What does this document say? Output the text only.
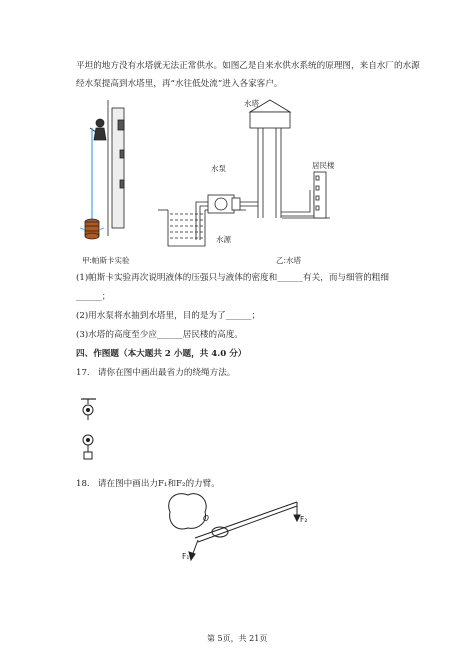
平坦的地方没有水塔就无法正常供水。如图乙是自来水供水系统的原理图，来自水厂的水源
经水泵提高到水塔里，再“水往低处流”进入各家客户。
水塔
水泵	居民楼
水源
甲:帕斯卡实验	乙:水塔
(1)帕斯卡实验再次说明液体的压强只与液体的密度和______有关，而与细管的粗细
______；
(2)用水泵将水抽到水塔里，目的是为了______；
(3)水塔的高度至少应______居民楼的高度。
四、作图题（本大题共 2 小题，共 4.0 分）
17. 请你在图中画出最省力的绕绳方法。
18. 请在图中画出力F₁和F₂的力臂。
O
F₁
F₂
第 5页，共 21页
